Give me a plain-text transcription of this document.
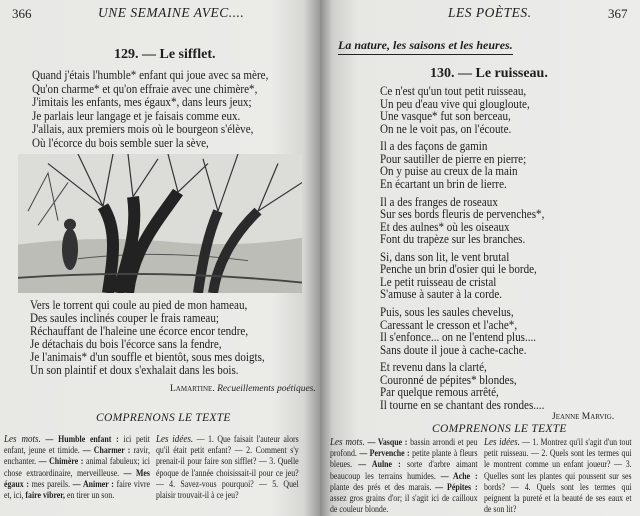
366	UNE SEMAINE AVEC....
129. — Le sifflet.
Quand j'étais l'humble* enfant qui joue avec sa mère,
Qu'on charme* et qu'on effraie avec une chimère*,
J'imitais les enfants, mes égaux*, dans leurs jeux;
Je parlais leur langage et je faisais comme eux.
J'allais, aux premiers mois où le bourgeon s'élève,
Où l'écorce du bois semble suer la sève,
Vers le torrent qui coule au pied de mon hameau,
Des saules inclinés couper le frais rameau;
Réchauffant de l'haleine une écorce encor tendre,
Je détachais du bois l'écorce sans la fendre,
Je l'animais* d'un souffle et bientôt, sous mes doigts,
Un son plaintif et doux s'exhalait dans les bois.
Lamartine. Recueillements poétiques.
COMPRENONS LE TEXTE
Les mots. — Humble enfant : ici petit enfant, jeune et timide. — Charmer : ravir, enchanter. — Chimère : animal fabuleux; ici chose extraordinaire, merveilleuse. — Mes égaux : mes pareils. — Animer : faire vivre et, ici, faire vibrer, en tirer un son.
Les idées. — 1. Que faisait l'auteur alors qu'il était petit enfant? — 2. Comment s'y prenait-il pour faire son sifflet? — 3. Quelle époque de l'année choisissait-il pour ce jeu? — 4. Savez-vous pourquoi? — 5. Quel plaisir trouvait-il à ce jeu?
LES POÈTES.	367
La nature, les saisons et les heures.
130. — Le ruisseau.
Ce n'est qu'un tout petit ruisseau,
Un peu d'eau vive qui glougloute,
Une vasque* fut son berceau,
On ne le voit pas, on l'écoute.
Il a des façons de gamin
Pour sautiller de pierre en pierre;
On y puise au creux de la main
En écartant un brin de lierre.
Il a des franges de roseaux
Sur ses bords fleuris de pervenches*,
Et des aulnes* où les oiseaux
Font du trapèze sur les branches.
Si, dans son lit, le vent brutal
Penche un brin d'osier qui le borde,
Le petit ruisseau de cristal
S'amuse à sauter à la corde.
Puis, sous les saules chevelus,
Caressant le cresson et l'ache*,
Il s'enfonce... on ne l'entend plus....
Sans doute il joue à cache-cache.
Et revenu dans la clarté,
Couronné de pépites* blondes,
Par quelque remous arrêté,
Il tourne en se chantant des rondes....
Jeanne Marvig.
COMPRENONS LE TEXTE
Les mots. — Vasque : bassin arrondi et peu profond. — Pervenche : petite plante à fleurs bleues. — Aulne : sorte d'arbre aimant beaucoup les terrains humides. — Ache : plante des prés et des marais. — Pépites : assez gros grains d'or; il s'agit ici de cailloux de couleur blonde.
Les idées. — 1. Montrez qu'il s'agit d'un tout petit ruisseau. — 2. Quels sont les termes qui le montrent comme un enfant joueur? — 3. Quelles sont les plantes qui poussent sur ses bords? — 4. Quels sont les termes qui peignent la pureté et la beauté de ses eaux et de son lit?
